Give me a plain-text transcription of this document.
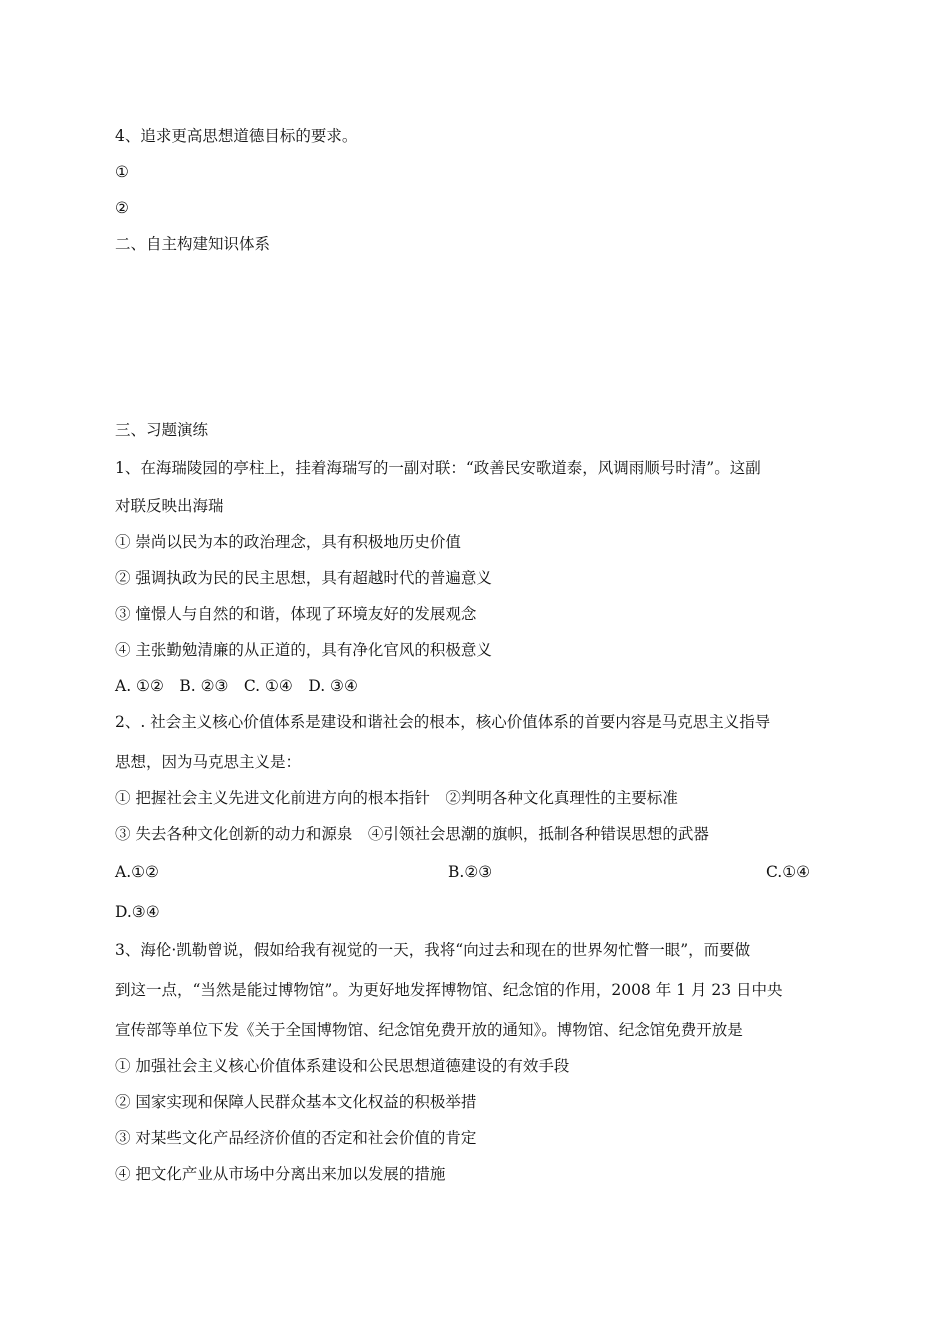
4、追求更高思想道德目标的要求。
①
②
二、自主构建知识体系
三、习题演练
1、在海瑞陵园的亭柱上，挂着海瑞写的一副对联：“政善民安歌道泰，风调雨顺号时清”。这副
对联反映出海瑞
① 崇尚以民为本的政治理念，具有积极地历史价值
② 强调执政为民的民主思想，具有超越时代的普遍意义
③ 憧憬人与自然的和谐，体现了环境友好的发展观念
④ 主张勤勉清廉的从正道的，具有净化官风的积极意义
A. ①②　B. ②③　C. ①④　D. ③④
2、. 社会主义核心价值体系是建设和谐社会的根本，核心价值体系的首要内容是马克思主义指导
思想，因为马克思主义是：
① 把握社会主义先进文化前进方向的根本指针　②判明各种文化真理性的主要标准
③ 失去各种文化创新的动力和源泉　④引领社会思潮的旗帜，抵制各种错误思想的武器
A.①②	B.②③	C.①④
D.③④
3、海伦·凯勒曾说，假如给我有视觉的一天，我将“向过去和现在的世界匆忙瞥一眼”，而要做
到这一点，“当然是能过博物馆”。为更好地发挥博物馆、纪念馆的作用，2008 年 1 月 23 日中央
宣传部等单位下发《关于全国博物馆、纪念馆免费开放的通知》。博物馆、纪念馆免费开放是
① 加强社会主义核心价值体系建设和公民思想道德建设的有效手段
② 国家实现和保障人民群众基本文化权益的积极举措
③ 对某些文化产品经济价值的否定和社会价值的肯定
④ 把文化产业从市场中分离出来加以发展的措施
